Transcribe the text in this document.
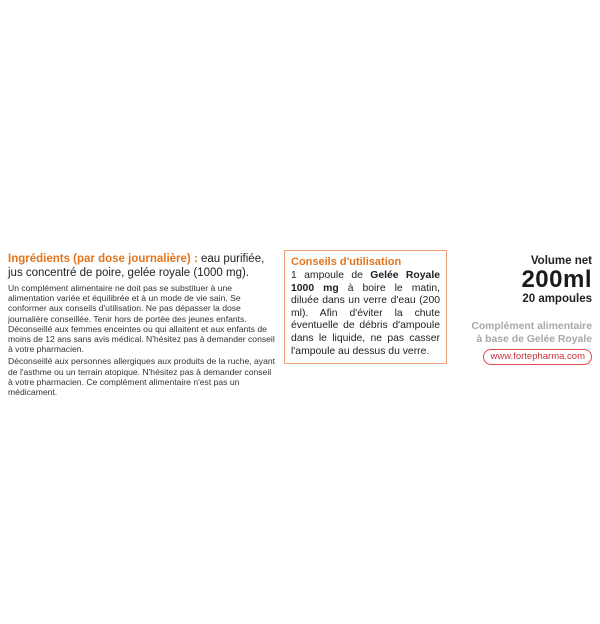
Ingrédients (par dose journalière) : eau purifiée, jus concentré de poire, gelée royale (1000 mg).

Un complément alimentaire ne doit pas se substituer à une alimentation variée et équilibrée et à un mode de vie sain. Se conformer aux conseils d'utilisation. Ne pas dépasser la dose journalière conseillée. Tenir hors de portée des jeunes enfants. Déconseillé aux femmes enceintes ou qui allaitent et aux enfants de moins de 12 ans sans avis médical. N'hésitez pas à demander conseil à votre pharmacien.

Déconseillé aux personnes allergiques aux produits de la ruche, ayant de l'asthme ou un terrain atopique. N'hésitez pas à demander conseil à votre pharmacien. Ce complément alimentaire n'est pas un médicament.

Conseils d'utilisation

1 ampoule de Gelée Royale 1000 mg à boire le matin, diluée dans un verre d'eau (200 ml). Afin d'éviter la chute éventuelle de débris d'ampoule dans le liquide, ne pas casser l'ampoule au dessus du verre.

Volume net
200ml
20 ampoules
Complément alimentaire
à base de Gelée Royale
www.fortepharma.com
